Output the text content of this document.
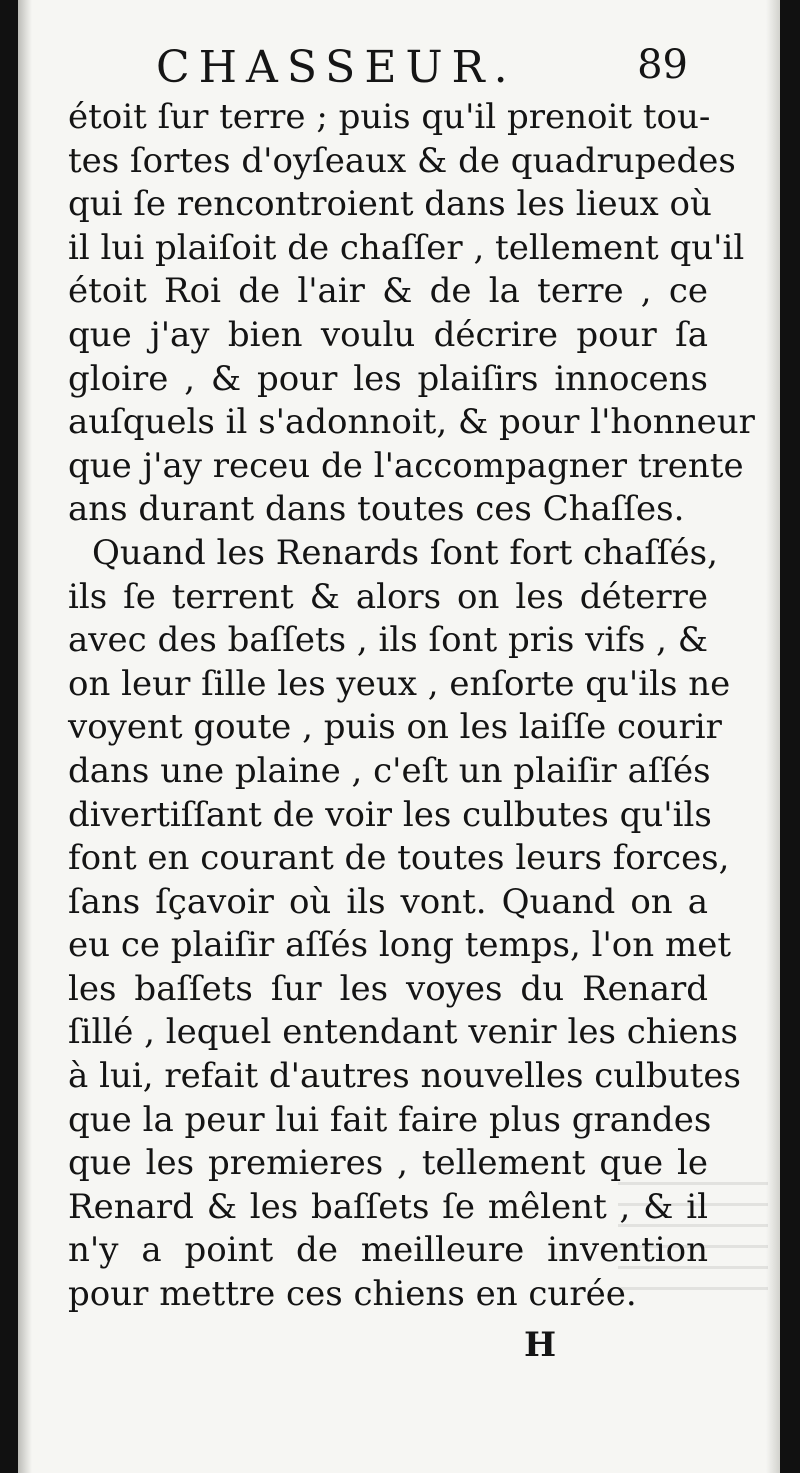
CHASSEUR.	89
étoit ſur terre ; puis qu'il prenoit tou-
tes ſortes d'oyſeaux & de quadrupedes
qui ſe rencontroient dans les lieux où
il lui plaiſoit de chaſſer , tellement qu'il
étoit Roi de l'air & de la terre , ce
que j'ay bien voulu décrire pour ſa
gloire , & pour les plaiſirs innocens
auſquels il s'adonnoit, & pour l'honneur
que j'ay receu de l'accompagner trente
ans durant dans toutes ces Chaſſes.
Quand les Renards ſont fort chaſſés,
ils ſe terrent & alors on les déterre
avec des baſſets , ils ſont pris vifs , &
on leur ſille les yeux , enſorte qu'ils ne
voyent goute , puis on les laiſſe courir
dans une plaine , c'eſt un plaiſir aſſés
divertiſſant de voir les culbutes qu'ils
font en courant de toutes leurs forces,
ſans ſçavoir où ils vont. Quand on a
eu ce plaiſir aſſés long temps, l'on met
les baſſets ſur les voyes du Renard
ſillé , lequel entendant venir les chiens
à lui, refait d'autres nouvelles culbutes
que la peur lui fait faire plus grandes
que les premieres , tellement que le
Renard & les baſſets ſe mêlent , & il
n'y a point de meilleure invention
pour mettre ces chiens en curée.
H
